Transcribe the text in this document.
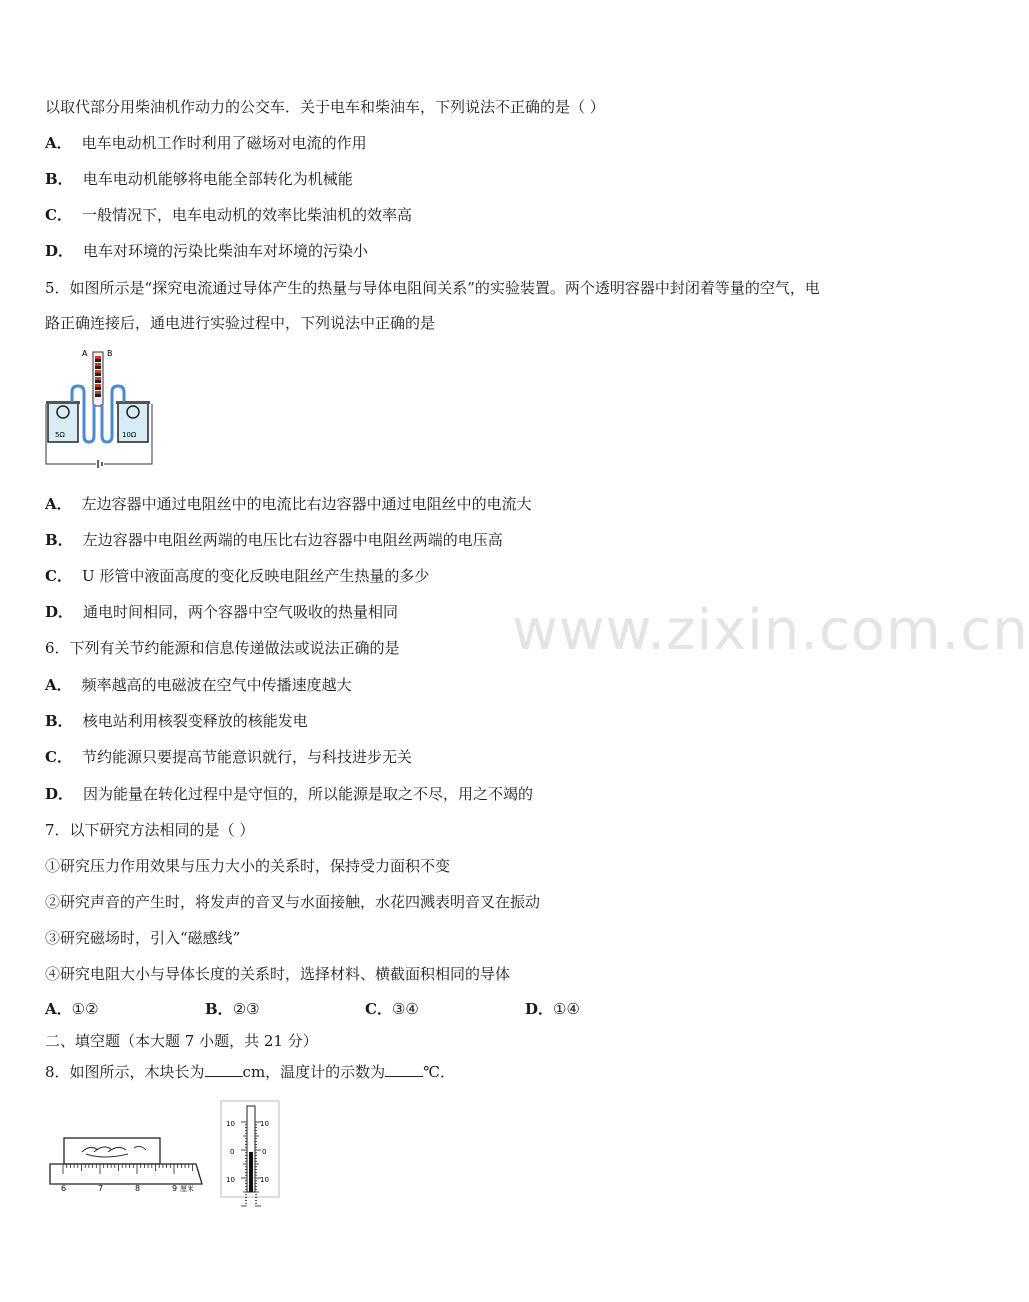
以取代部分用柴油机作动力的公交车．关于电车和柴油车，下列说法不正确的是（ ）
A． 电车电动机工作时利用了磁场对电流的作用
B． 电车电动机能够将电能全部转化为机械能
C． 一般情况下，电车电动机的效率比柴油机的效率高
D． 电车对环境的污染比柴油车对坏境的污染小
5．如图所示是“探究电流通过导体产生的热量与导体电阻间关系”的实验装置。两个透明容器中封闭着等量的空气，电
路正确连接后，通电进行实验过程中，下列说法中正确的是
A B
5Ω	10Ω
A． 左边容器中通过电阻丝中的电流比右边容器中通过电阻丝中的电流大
B． 左边容器中电阻丝两端的电压比右边容器中电阻丝两端的电压高
C． U 形管中液面高度的变化反映电阻丝产生热量的多少
D． 通电时间相同，两个容器中空气吸收的热量相同 www.zixin.com.cn
6．下列有关节约能源和信息传递做法或说法正确的是
A． 频率越高的电磁波在空气中传播速度越大
B． 核电站利用核裂变释放的核能发电
C． 节约能源只要提高节能意识就行，与科技进步无关
D． 因为能量在转化过程中是守恒的，所以能源是取之不尽，用之不竭的
7．以下研究方法相同的是（ ）
①研究压力作用效果与压力大小的关系时，保持受力面积不变
②研究声音的产生时，将发声的音叉与水面接触，水花四溅表明音叉在振动
③研究磁场时，引入“磁感线”
④研究电阻大小与导体长度的关系时，选择材料、横截面积相同的导体
A．①②	B．②③	C．③④	D．①④
二、填空题（本大题 7 小题，共 21 分）
8．如图所示，木块长为	cm，温度计的示数为	℃．
6	7	8	9 厘米
10	10
0	0
10	10
